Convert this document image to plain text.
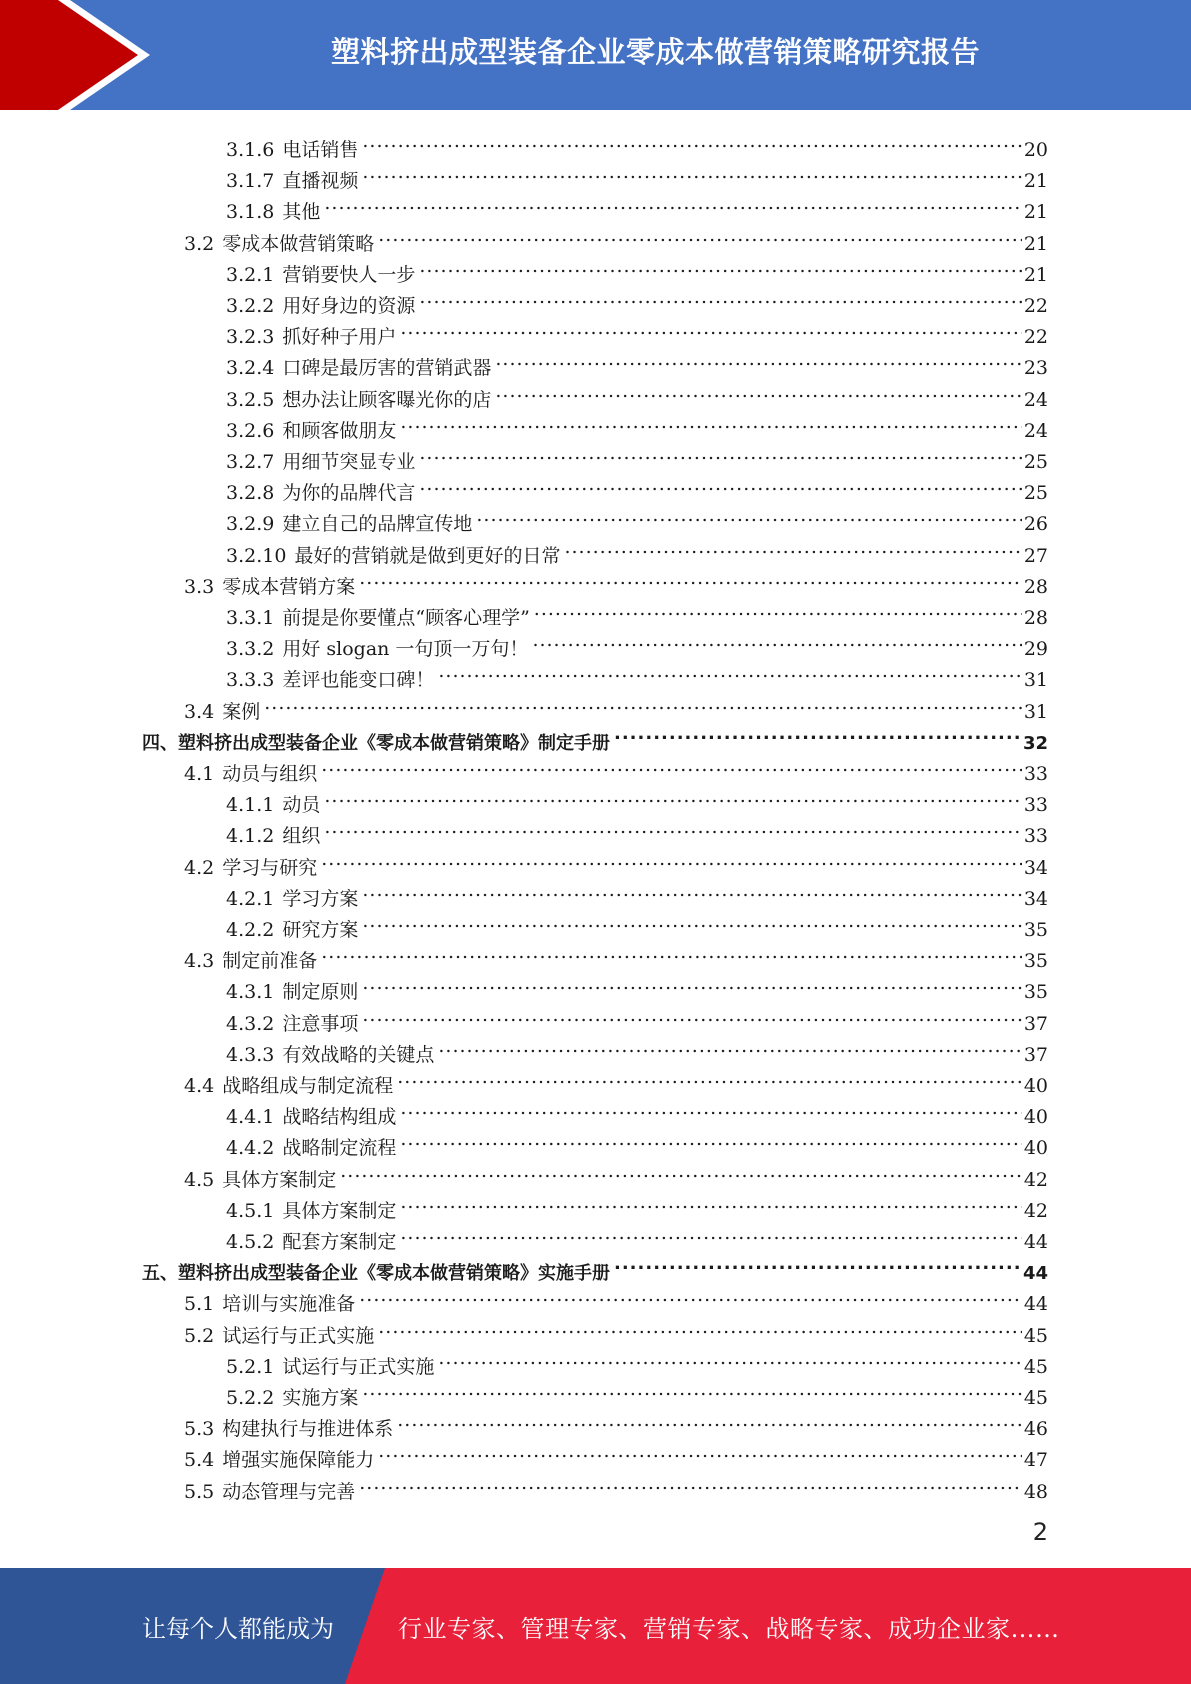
塑料挤出成型装备企业零成本做营销策略研究报告
3.1.6 电话销售 .....	20
3.1.7 直播视频 .....	21
3.1.8 其他 .....	21
3.2 零成本做营销策略 .....	21
3.2.1 营销要快人一步 .....	21
3.2.2 用好身边的资源 .....	22
3.2.3 抓好种子用户 .....	22
3.2.4 口碑是最厉害的营销武器 .....	23
3.2.5 想办法让顾客曝光你的店 .....	24
3.2.6 和顾客做朋友 .....	24
3.2.7 用细节突显专业 .....	25
3.2.8 为你的品牌代言 .....	25
3.2.9 建立自己的品牌宣传地 .....	26
3.2.10 最好的营销就是做到更好的日常 .....	27
3.3 零成本营销方案 .....	28
3.3.1 前提是你要懂点“顾客心理学” .....	28
3.3.2 用好 slogan 一句顶一万句！ .....	29
3.3.3 差评也能变口碑！ .....	31
3.4 案例 .....	31
四、 塑料挤出成型装备企业《零成本做营销策略》制定手册 .....	32
4.1 动员与组织 .....	33
4.1.1 动员 .....	33
4.1.2 组织 .....	33
4.2 学习与研究 .....	34
4.2.1 学习方案 .....	34
4.2.2 研究方案 .....	35
4.3 制定前准备 .....	35
4.3.1 制定原则 .....	35
4.3.2 注意事项 .....	37
4.3.3 有效战略的关键点 .....	37
4.4 战略组成与制定流程 .....	40
4.4.1 战略结构组成 .....	40
4.4.2 战略制定流程 .....	40
4.5 具体方案制定 .....	42
4.5.1 具体方案制定 .....	42
4.5.2 配套方案制定 .....	44
五、 塑料挤出成型装备企业《零成本做营销策略》实施手册 .....	44
5.1 培训与实施准备 .....	44
5.2 试运行与正式实施 .....	45
5.2.1 试运行与正式实施 .....	45
5.2.2 实施方案 .....	45
5.3 构建执行与推进体系 .....	46
5.4 增强实施保障能力 .....	47
5.5 动态管理与完善 .....	48
2
让每个人都能成为	行业专家、管理专家、营销专家、战略专家、成功企业家……
